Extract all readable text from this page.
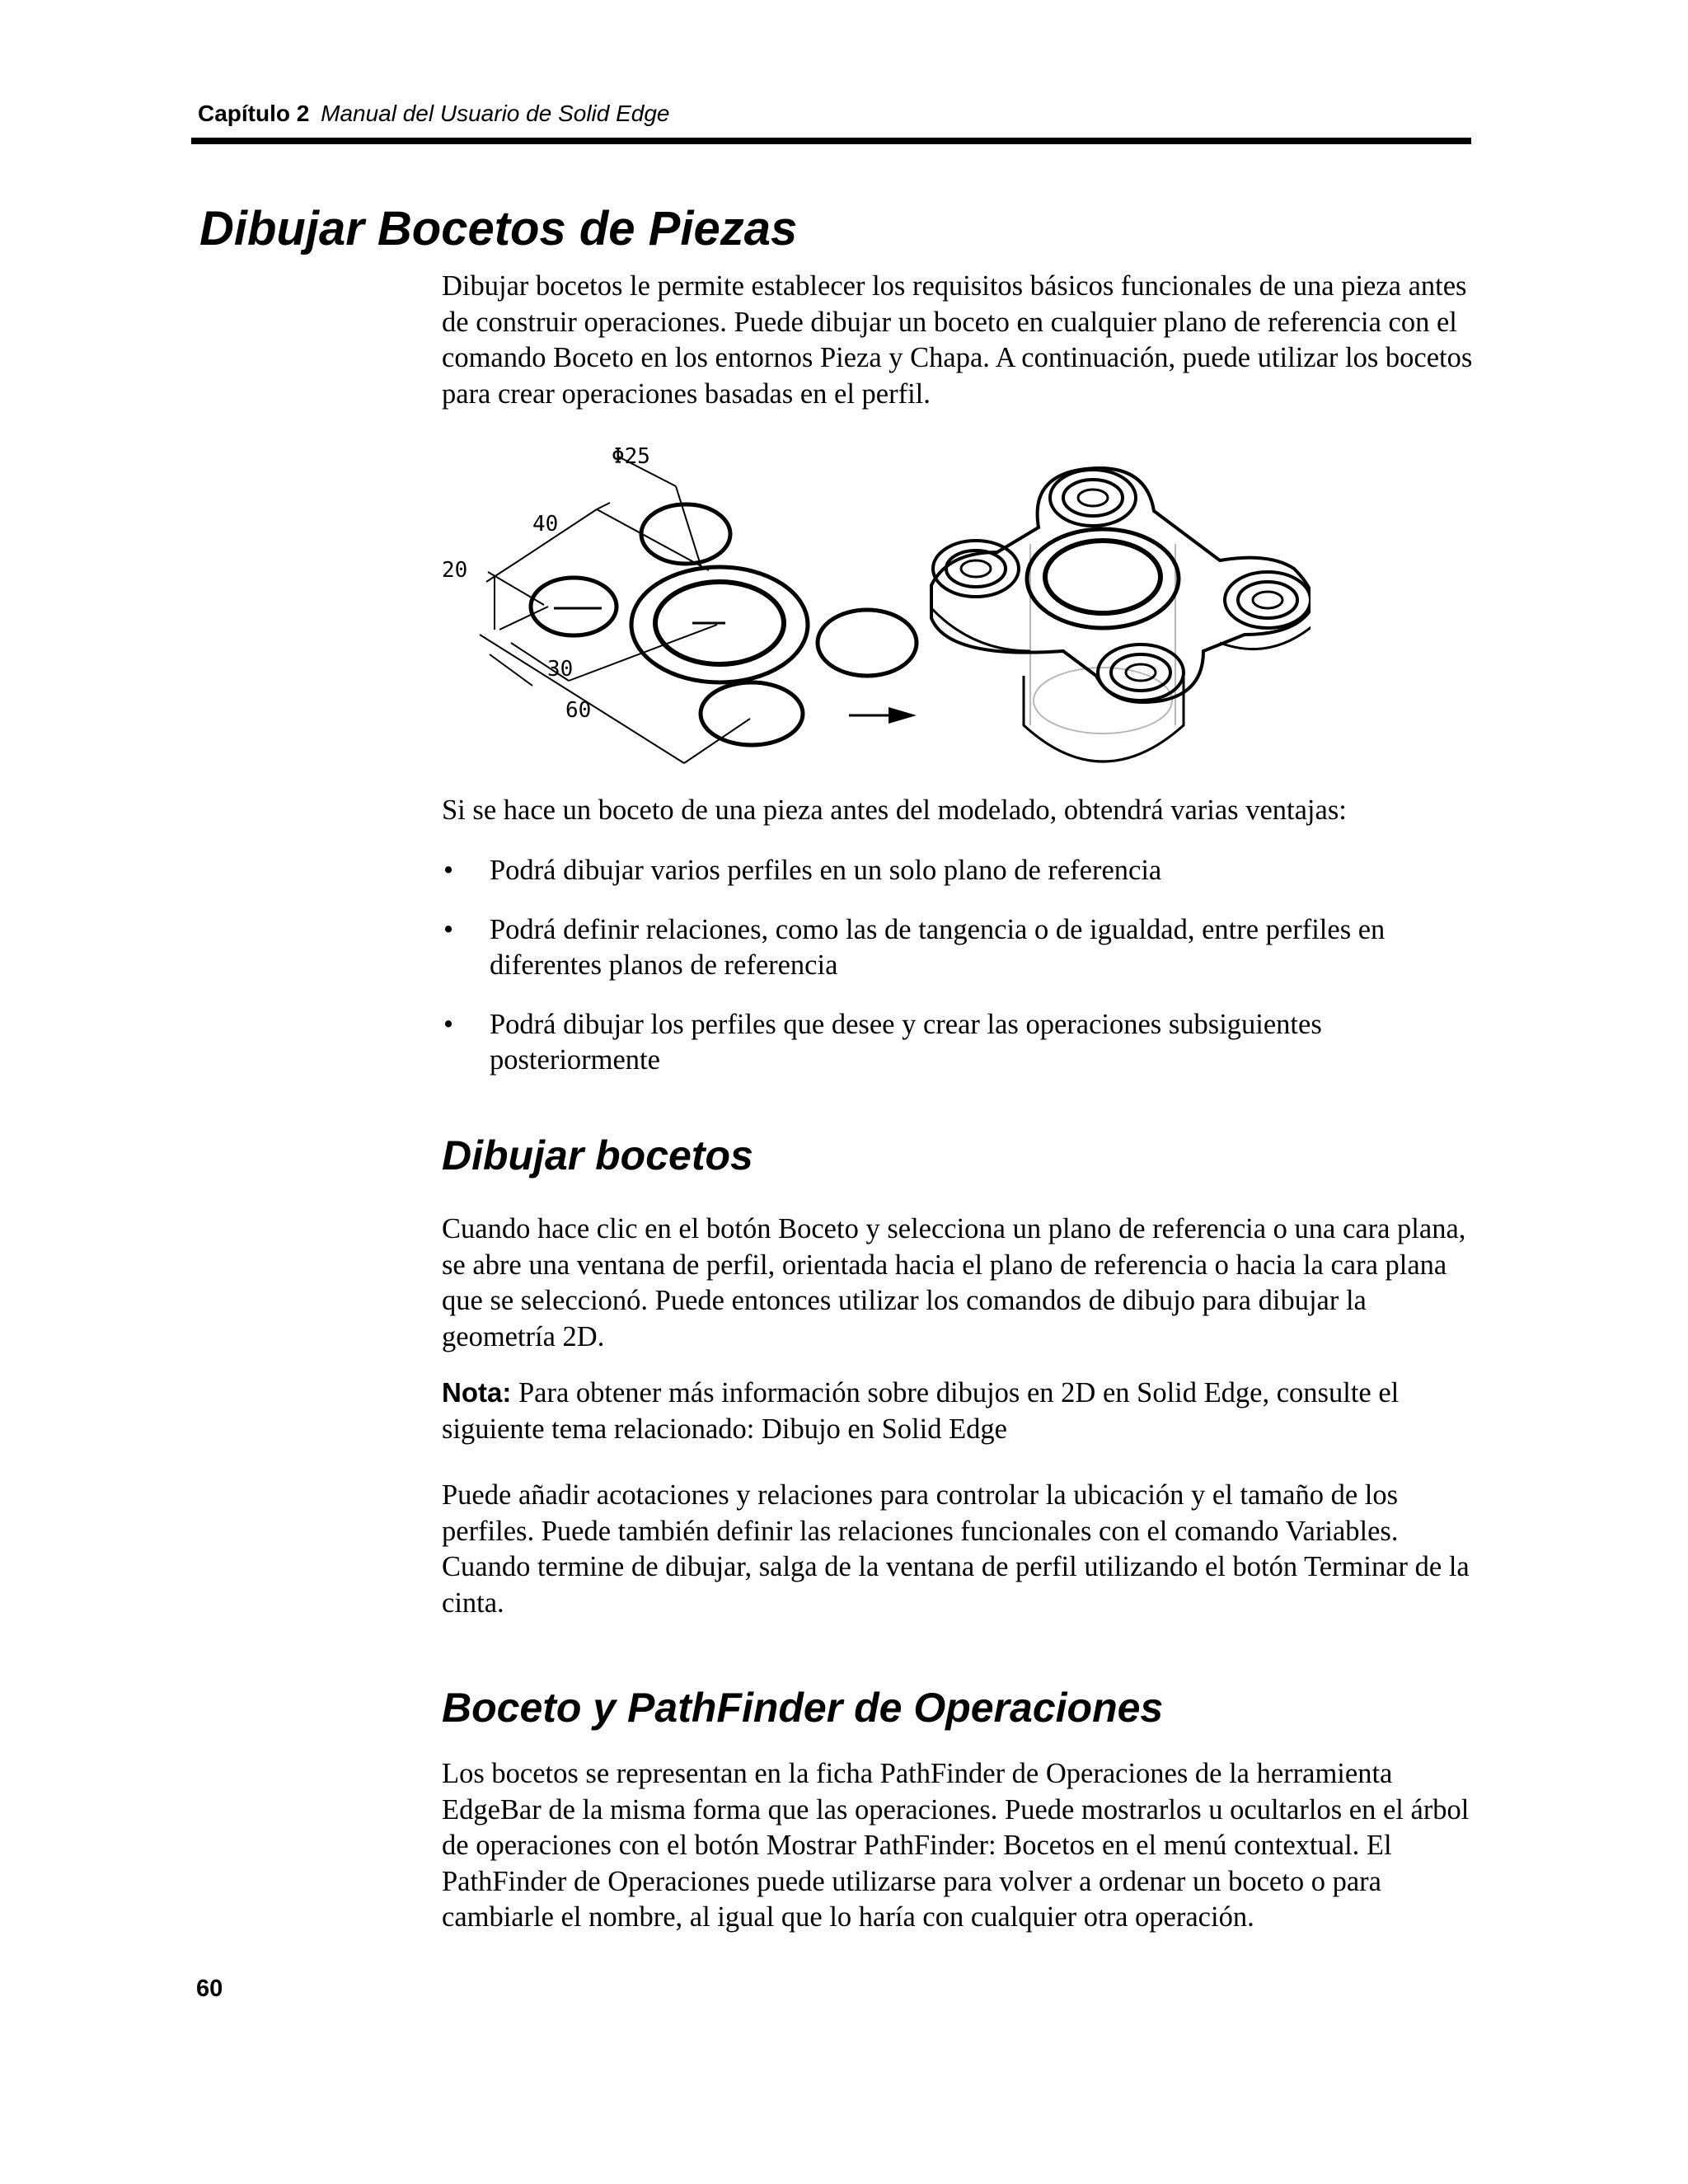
Capítulo 2 Manual del Usuario de Solid Edge
Dibujar Bocetos de Piezas

Dibujar bocetos le permite establecer los requisitos básicos funcionales de una pieza antes de construir operaciones. Puede dibujar un boceto en cualquier plano de referencia con el comando Boceto en los entornos Pieza y Chapa. A continuación, puede utilizar los bocetos para crear operaciones basadas en el perfil.

Φ25
40
20
30
60

Si se hace un boceto de una pieza antes del modelado, obtendrá varias ventajas:

• Podrá dibujar varios perfiles en un solo plano de referencia
• Podrá definir relaciones, como las de tangencia o de igualdad, entre perfiles en diferentes planos de referencia
• Podrá dibujar los perfiles que desee y crear las operaciones subsiguientes posteriormente
Dibujar bocetos

Cuando hace clic en el botón Boceto y selecciona un plano de referencia o una cara plana, se abre una ventana de perfil, orientada hacia el plano de referencia o hacia la cara plana que se seleccionó. Puede entonces utilizar los comandos de dibujo para dibujar la geometría 2D.

Nota: Para obtener más información sobre dibujos en 2D en Solid Edge, consulte el siguiente tema relacionado: Dibujo en Solid Edge

Puede añadir acotaciones y relaciones para controlar la ubicación y el tamaño de los perfiles. Puede también definir las relaciones funcionales con el comando Variables. Cuando termine de dibujar, salga de la ventana de perfil utilizando el botón Terminar de la cinta.

Boceto y PathFinder de Operaciones

Los bocetos se representan en la ficha PathFinder de Operaciones de la herramienta EdgeBar de la misma forma que las operaciones. Puede mostrarlos u ocultarlos en el árbol de operaciones con el botón Mostrar PathFinder: Bocetos en el menú contextual. El PathFinder de Operaciones puede utilizarse para volver a ordenar un boceto o para cambiarle el nombre, al igual que lo haría con cualquier otra operación.

60
